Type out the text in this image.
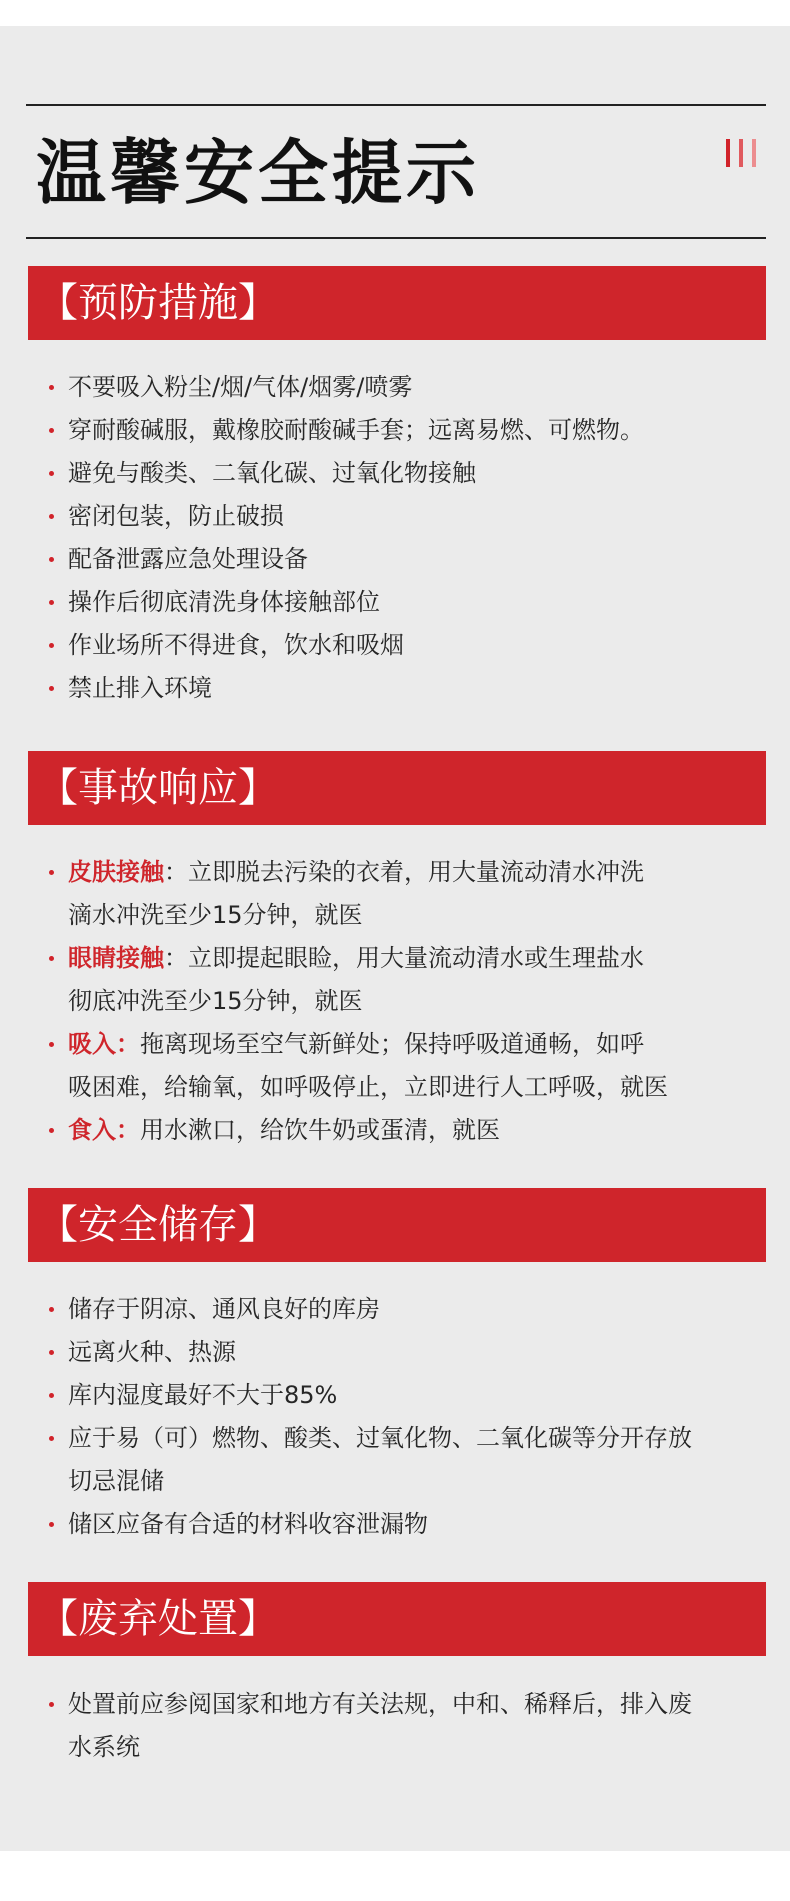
温馨安全提示
【预防措施】
不要吸入粉尘/烟/气体/烟雾/喷雾
穿耐酸碱服，戴橡胶耐酸碱手套；远离易燃、可燃物。
避免与酸类、二氧化碳、过氧化物接触
密闭包装，防止破损
配备泄露应急处理设备
操作后彻底清洗身体接触部位
作业场所不得进食，饮水和吸烟
禁止排入环境
【事故响应】
皮肤接触：立即脱去污染的衣着，用大量流动清水冲洗
滴水冲洗至少15分钟，就医
眼睛接触：立即提起眼睑，用大量流动清水或生理盐水
彻底冲洗至少15分钟，就医
吸入：拖离现场至空气新鲜处；保持呼吸道通畅，如呼
吸困难，给输氧，如呼吸停止，立即进行人工呼吸，就医
食入：用水漱口，给饮牛奶或蛋清，就医
【安全储存】
储存于阴凉、通风良好的库房
远离火种、热源
库内湿度最好不大于85%
应于易（可）燃物、酸类、过氧化物、二氧化碳等分开存放
切忌混储
储区应备有合适的材料收容泄漏物
【废弃处置】
处置前应参阅国家和地方有关法规，中和、稀释后，排入废
水系统
